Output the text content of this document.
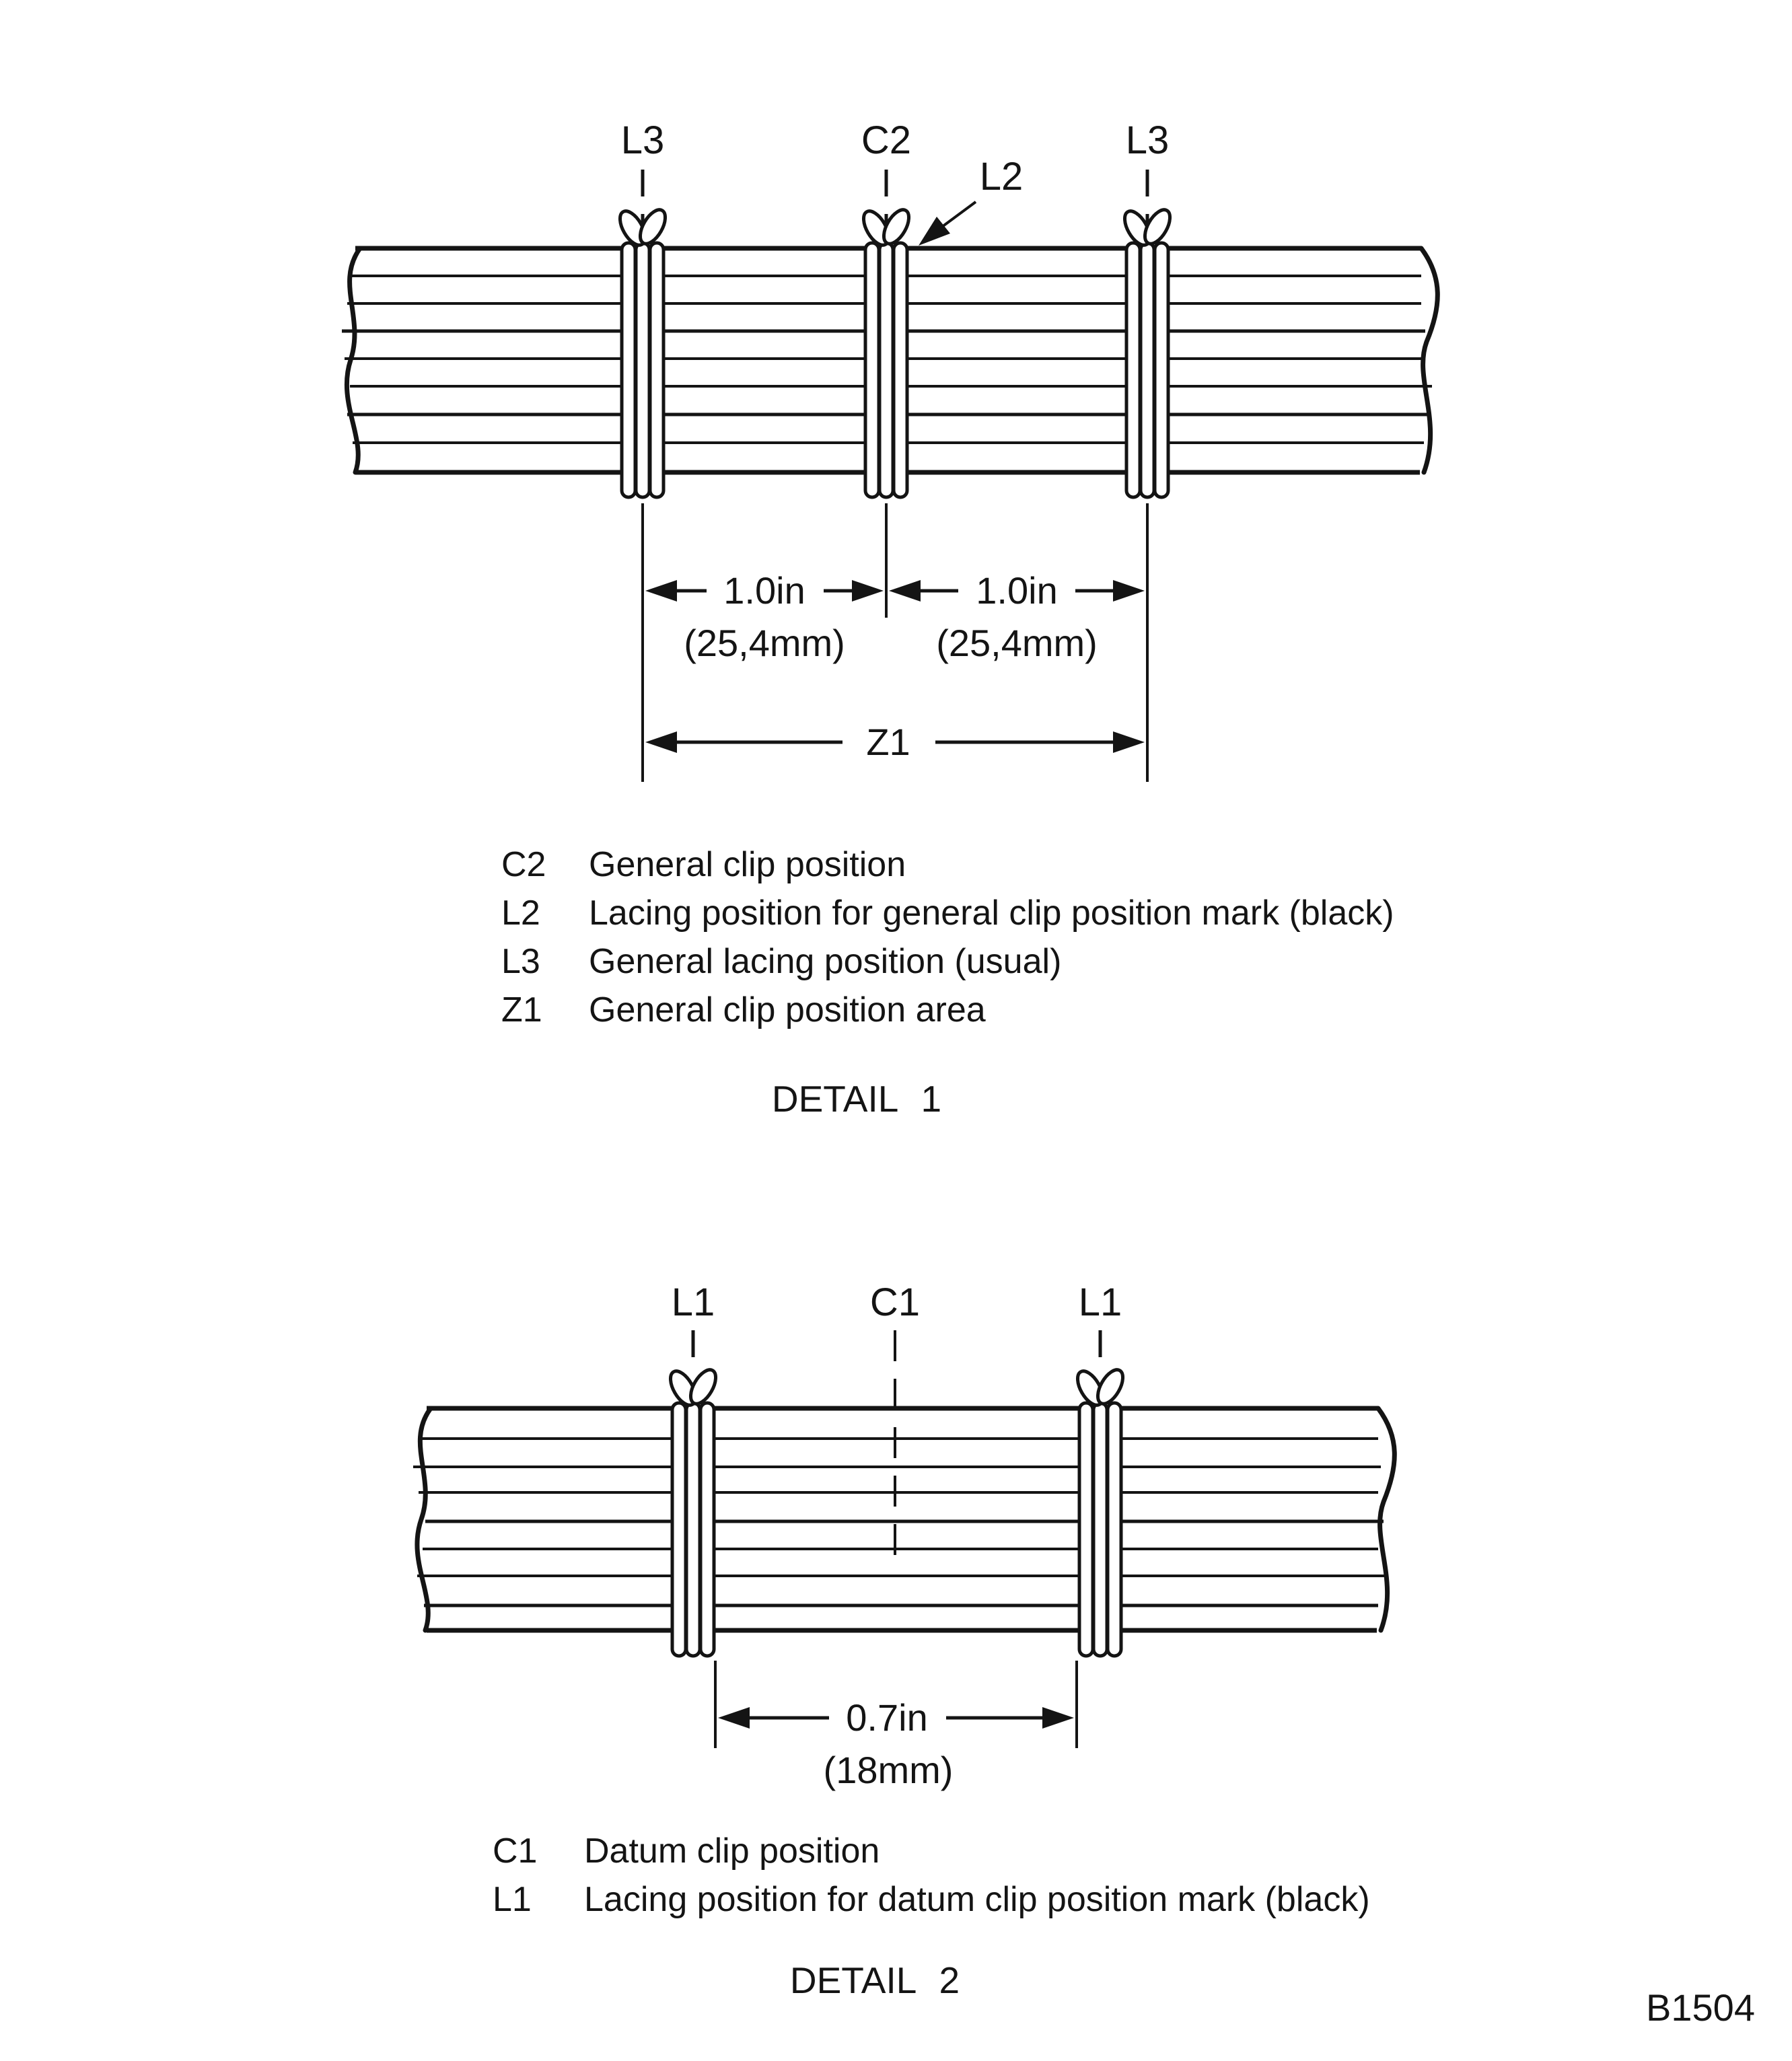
L3	C2	L3
L2
1.0in
(25,4mm)
1.0in
(25,4mm)
Z1
C2 General clip position
L2 Lacing position for general clip position mark (black)
L3 General lacing position (usual)
Z1 General clip position area
DETAIL 1
L1	C1	L1
0.7in
(18mm)
C1 Datum clip position
L1 Lacing position for datum clip position mark (black)
DETAIL 2
B1504
